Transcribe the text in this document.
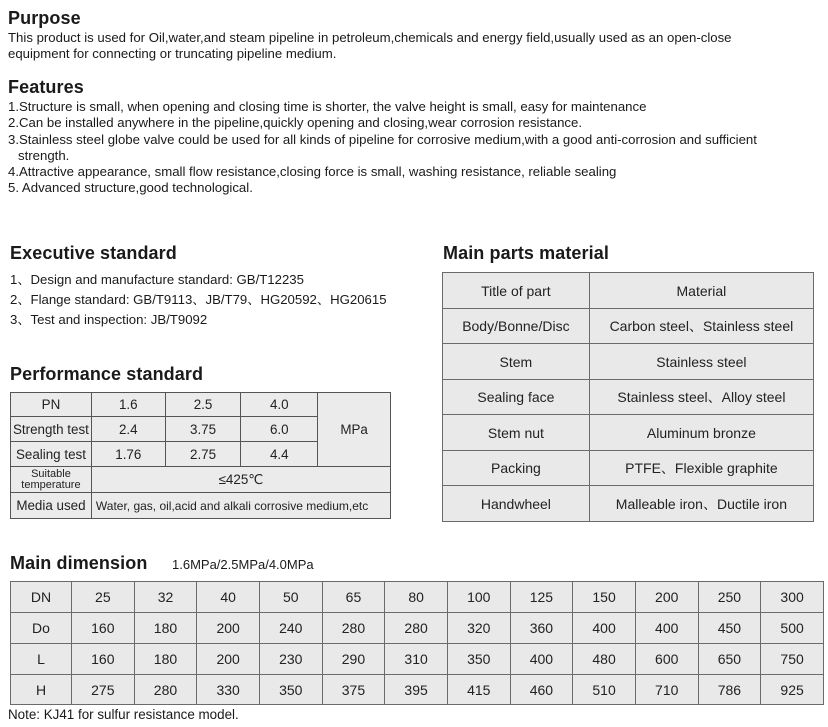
Purpose
This product is used for Oil,water,and steam pipeline in petroleum,chemicals and energy field,usually used as an open-close
equipment for connecting or truncating pipeline medium.
Features
1.Structure is small, when opening and closing time is shorter, the valve height is small, easy for maintenance
2.Can be installed anywhere in the pipeline,quickly opening and closing,wear corrosion resistance.
3.Stainless steel globe valve could be used for all kinds of pipeline for corrosive medium,with a good anti-corrosion and sufficient
strength.
4.Attractive appearance, small flow resistance,closing force is small, washing resistance, reliable sealing
5. Advanced structure,good technological.
Executive standard
1、Design and manufacture standard: GB/T12235
2、Flange standard: GB/T9113、JB/T79、HG20592、HG20615
3、Test and inspection: JB/T9092
Performance standard
PN	1.6	2.5	4.0	MPa
Strength test	2.4	3.75	6.0	
Sealing test	1.76	2.75	4.4	

Suitable
temperature	≤425℃			
Media used	Water, gas, oil,acid and alkali corrosive medium,etc			
Main parts material
Title of part	Material
Body/Bonne/Disc	Carbon steel、Stainless steel
Stem	Stainless steel
Sealing face	Stainless steel、Alloy steel
Stem nut	Aluminum bronze
Packing	PTFE、Flexible graphite
Handwheel	Malleable iron、Ductile iron
Main dimension 1.6MPa/2.5MPa/4.0MPa
DN	25	32	40	50	65	80	100	125	150	200	250	300
Do	160	180	200	240	280	280	320	360	400	400	450	500
L	160	180	200	230	290	310	350	400	480	600	650	750
H	275	280	330	350	375	395	415	460	510	710	786	925
Note: KJ41 for sulfur resistance model.
